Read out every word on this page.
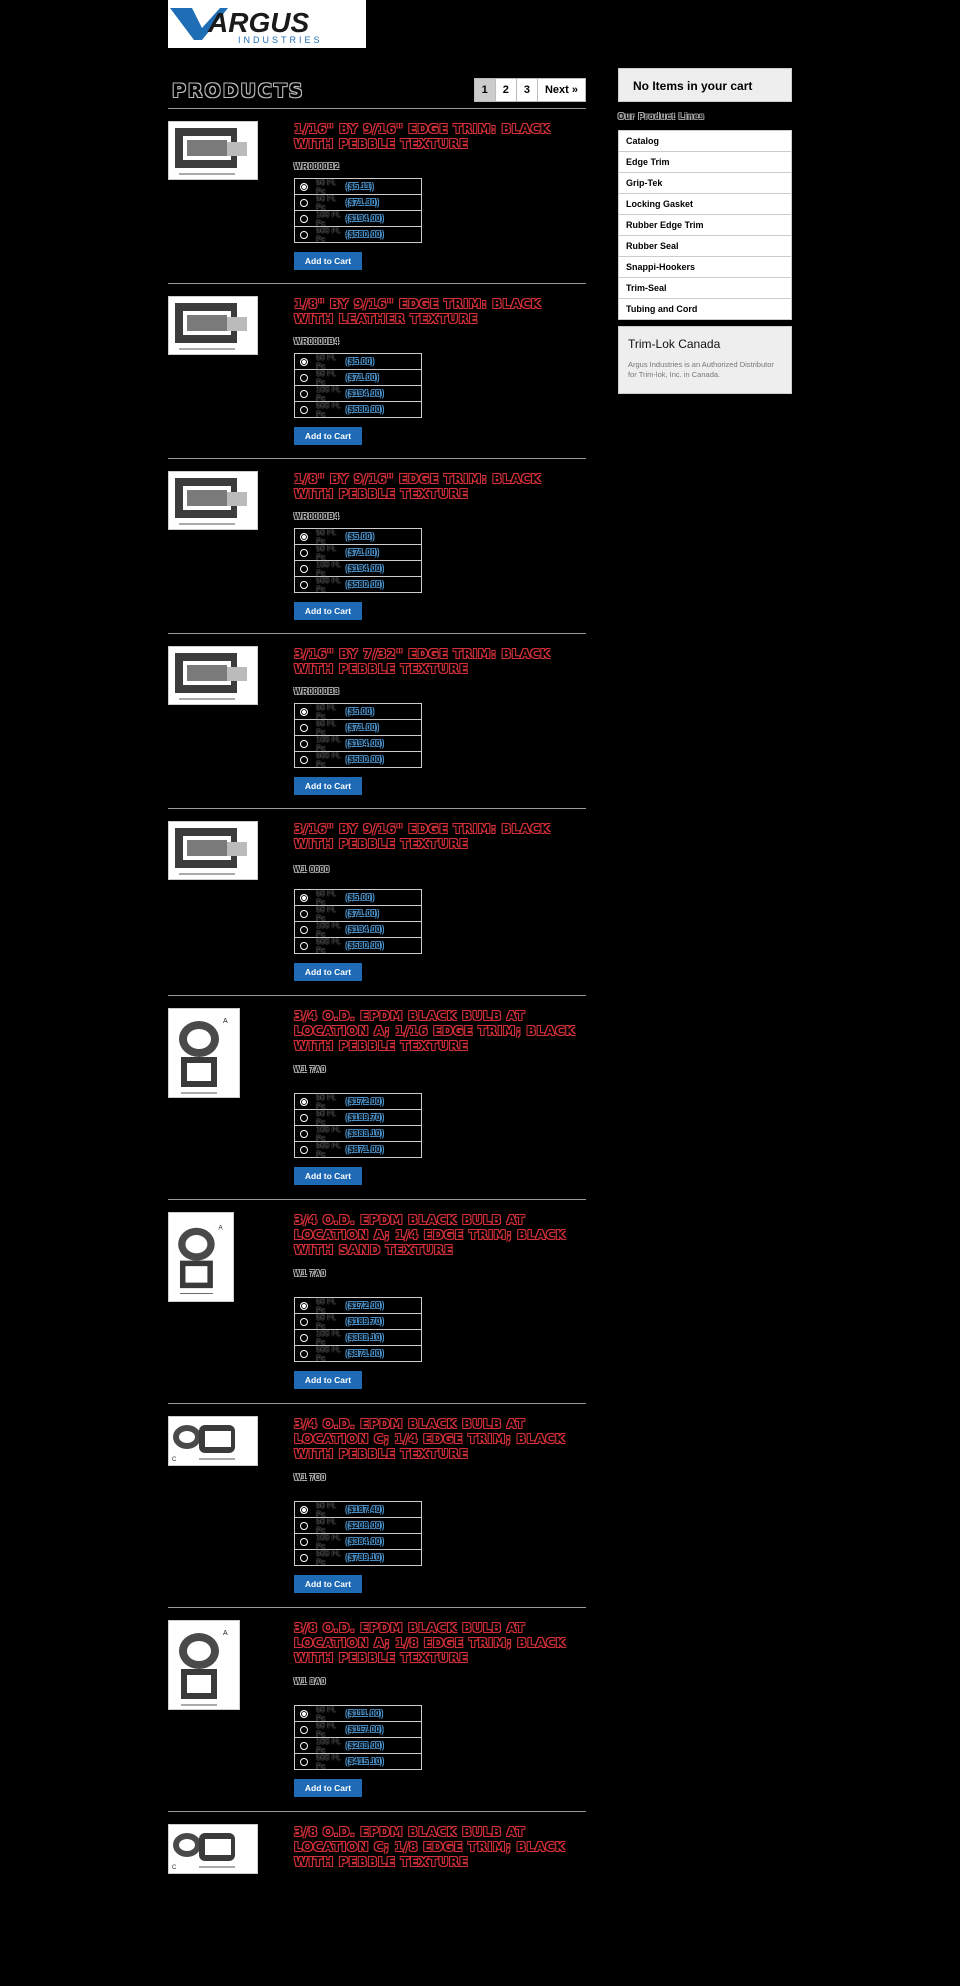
ARGUS
INDUSTRIES
PRODUCTS	1	2	3	Next »
1/16" BY 9/16" EDGE TRIM: BLACK WITH PEBBLE TEXTURE
WR0000B2
50 Ft. Pc	($5.11)
50 Ft. Pc	($71.30)
100 Ft. Pc	($134.00)
500 Ft. Pc	($580.00)
Add to Cart
1/8" BY 9/16" EDGE TRIM: BLACK WITH LEATHER TEXTURE
WR0000B4
50 Ft. Pc	($5.00)
50 Ft. Pc	($71.00)
100 Ft. Pc	($134.00)
500 Ft. Pc	($580.00)
Add to Cart
1/8" BY 9/16" EDGE TRIM: BLACK WITH PEBBLE TEXTURE
WR0000B4
50 Ft. Pc	($5.00)
50 Ft. Pc	($71.00)
100 Ft. Pc	($134.00)
500 Ft. Pc	($580.00)
Add to Cart
3/16" BY 7/32" EDGE TRIM: BLACK WITH PEBBLE TEXTURE
WR0000B3
50 Ft. Pc	($5.00)
50 Ft. Pc	($71.00)
100 Ft. Pc	($134.00)
500 Ft. Pc	($580.00)
Add to Cart
3/16" BY 9/16" EDGE TRIM: BLACK WITH PEBBLE TEXTURE
W1 0000
50 Ft. Pc	($5.00)
50 Ft. Pc	($71.00)
100 Ft. Pc	($134.00)
500 Ft. Pc	($580.00)
Add to Cart
A	3/4 O.D. EPDM BLACK BULB AT LOCATION A; 1/16 EDGE TRIM; BLACK WITH PEBBLE TEXTURE
W1 7A0
50 Ft. Pc	($172.00)
50 Ft. Pc	($189.70)
100 Ft. Pc	($383.10)
500 Ft. Pc	($871.00)
Add to Cart
A
3/4 O.D. EPDM BLACK BULB AT LOCATION A; 1/4 EDGE TRIM; BLACK WITH SAND TEXTURE
W1 7A0
50 Ft. Pc	($172.00)
50 Ft. Pc	($189.70)
100 Ft. Pc	($383.10)
500 Ft. Pc	($871.00)
Add to Cart
C
3/4 O.D. EPDM BLACK BULB AT LOCATION C; 1/4 EDGE TRIM; BLACK WITH PEBBLE TEXTURE
W1 7C0
50 Ft. Pc	($187.40)
50 Ft. Pc	($208.00)
100 Ft. Pc	($384.00)
500 Ft. Pc	($739.10)
Add to Cart
A	3/8 O.D. EPDM BLACK BULB AT LOCATION A; 1/8 EDGE TRIM; BLACK WITH PEBBLE TEXTURE
W1 3A0
50 Ft. Pc	($111.00)
50 Ft. Pc	($117.00)
100 Ft. Pc	($263.00)
500 Ft. Pc	($415.10)
Add to Cart
C
3/8 O.D. EPDM BLACK BULB AT LOCATION C; 1/8 EDGE TRIM; BLACK WITH PEBBLE TEXTURE
No Items in your cart
Our Product Lines
Catalog
Edge Trim
Grip-Tek
Locking Gasket
Rubber Edge Trim
Rubber Seal
Snappi-Hookers
Trim-Seal
Tubing and Cord
Trim-Lok Canada

Argus Industries is an Authorized Distributor for Trim-lok, Inc. in Canada.
